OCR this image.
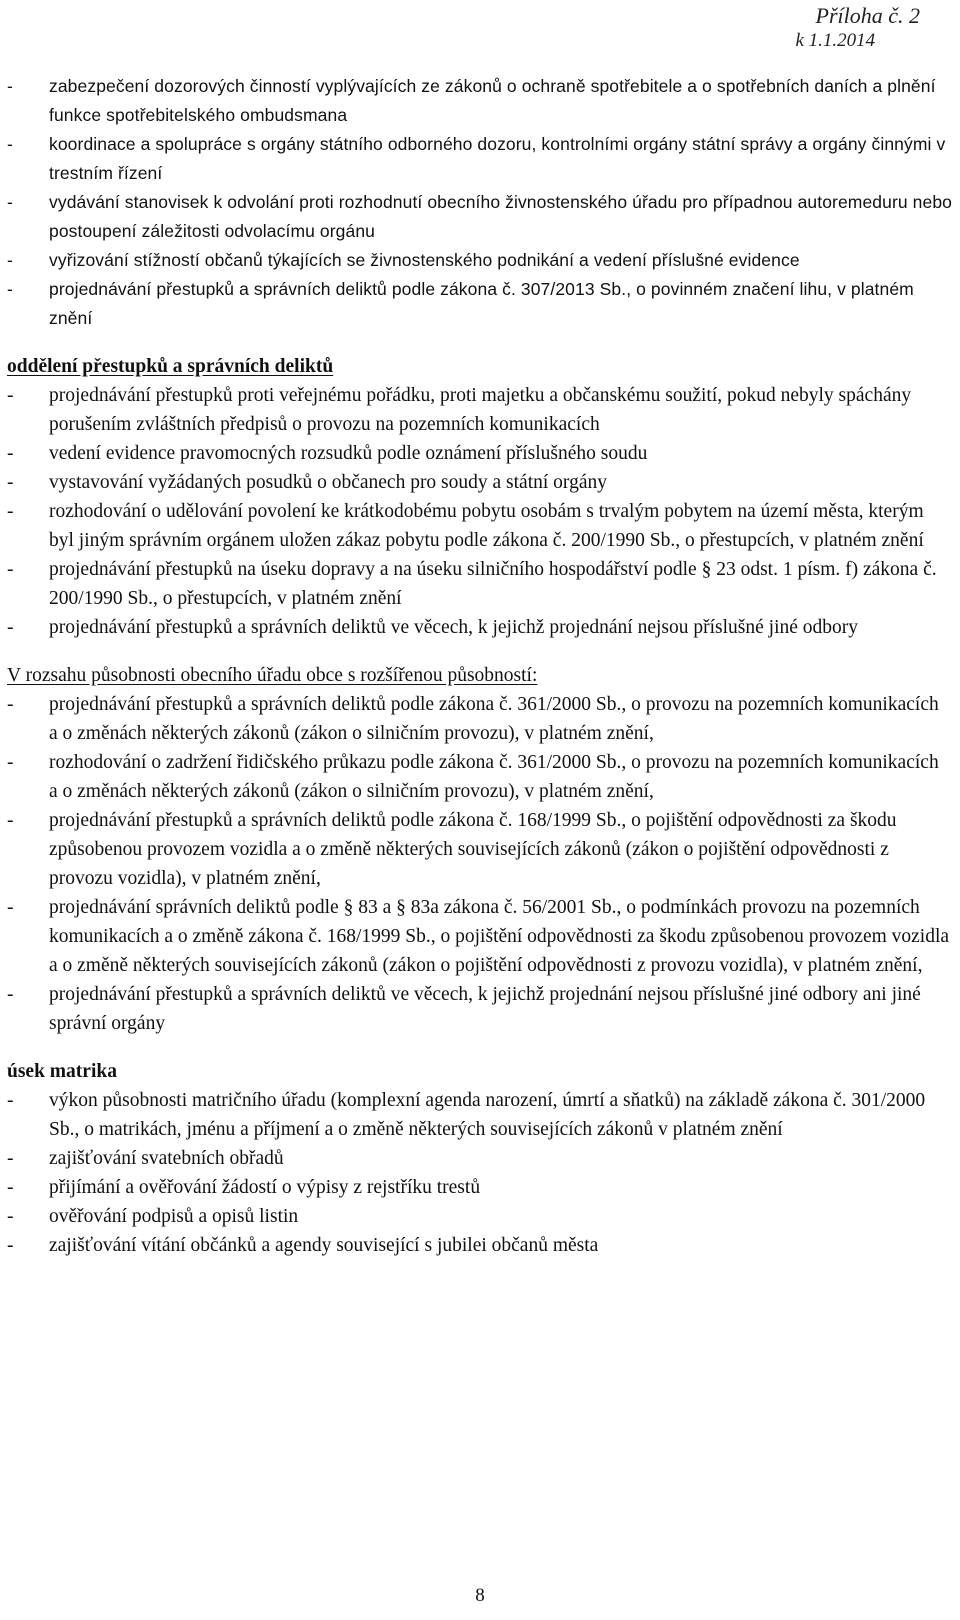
Příloha č. 2
k 1.1.2014
-	zabezpečení dozorových činností vyplývajících ze zákonů o ochraně spotřebitele a o spotřebních daních a plnění funkce spotřebitelského ombudsmana
-	koordinace a spolupráce s orgány státního odborného dozoru, kontrolními orgány státní správy a orgány činnými v trestním řízení
-	vydávání stanovisek k odvolání proti rozhodnutí obecního živnostenského úřadu pro případnou autoremeduru nebo postoupení záležitosti odvolacímu orgánu
-	vyřizování stížností občanů týkajících se živnostenského podnikání a vedení příslušné evidence
-	projednávání přestupků a správních deliktů podle zákona č. 307/2013 Sb., o povinném značení lihu, v platném znění
oddělení přestupků a správních deliktů
-	projednávání přestupků proti veřejnému pořádku, proti majetku a občanskému soužití, pokud nebyly spáchány porušením zvláštních předpisů o provozu na pozemních komunikacích
-	vedení evidence pravomocných rozsudků podle oznámení příslušného soudu
-	vystavování vyžádaných posudků o občanech pro soudy a státní orgány
-	rozhodování o udělování povolení ke krátkodobému pobytu osobám s trvalým pobytem na území města, kterým byl jiným správním orgánem uložen zákaz pobytu podle zákona č. 200/1990 Sb., o přestupcích, v platném znění
-	projednávání přestupků na úseku dopravy a na úseku silničního hospodářství podle § 23 odst. 1 písm. f) zákona č. 200/1990 Sb., o přestupcích, v platném znění
-	projednávání přestupků a správních deliktů ve věcech, k jejichž projednání nejsou příslušné jiné odbory
V rozsahu působnosti obecního úřadu obce s rozšířenou působností:
-	projednávání přestupků a správních deliktů podle zákona č. 361/2000 Sb., o provozu na pozemních komunikacích a o změnách některých zákonů (zákon o silničním provozu), v platném znění,
-	rozhodování o zadržení řidičského průkazu podle zákona č. 361/2000 Sb., o provozu na pozemních komunikacích a o změnách některých zákonů (zákon o silničním provozu), v platném znění,
-	projednávání přestupků a správních deliktů podle zákona č. 168/1999 Sb., o pojištění odpovědnosti za škodu způsobenou provozem vozidla a o změně některých souvisejících zákonů (zákon o pojištění odpovědnosti z provozu vozidla), v platném znění,
-	projednávání správních deliktů podle § 83 a § 83a zákona č. 56/2001 Sb., o podmínkách provozu na pozemních komunikacích a o změně zákona č. 168/1999 Sb., o pojištění odpovědnosti za škodu způsobenou provozem vozidla a o změně některých souvisejících zákonů (zákon o pojištění odpovědnosti z provozu vozidla), v platném znění,
-	projednávání přestupků a správních deliktů ve věcech, k jejichž projednání nejsou příslušné jiné odbory ani jiné správní orgány
úsek matrika
-	výkon působnosti matričního úřadu (komplexní agenda narození, úmrtí a sňatků) na základě zákona č. 301/2000 Sb., o matrikách, jménu a příjmení a o změně některých souvisejících zákonů v platném znění
-	zajišťování svatebních obřadů
-	přijímání a ověřování žádostí o výpisy z rejstříku trestů
-	ověřování podpisů a opisů listin
-	zajišťování vítání občánků a agendy související s jubilei občanů města
8
